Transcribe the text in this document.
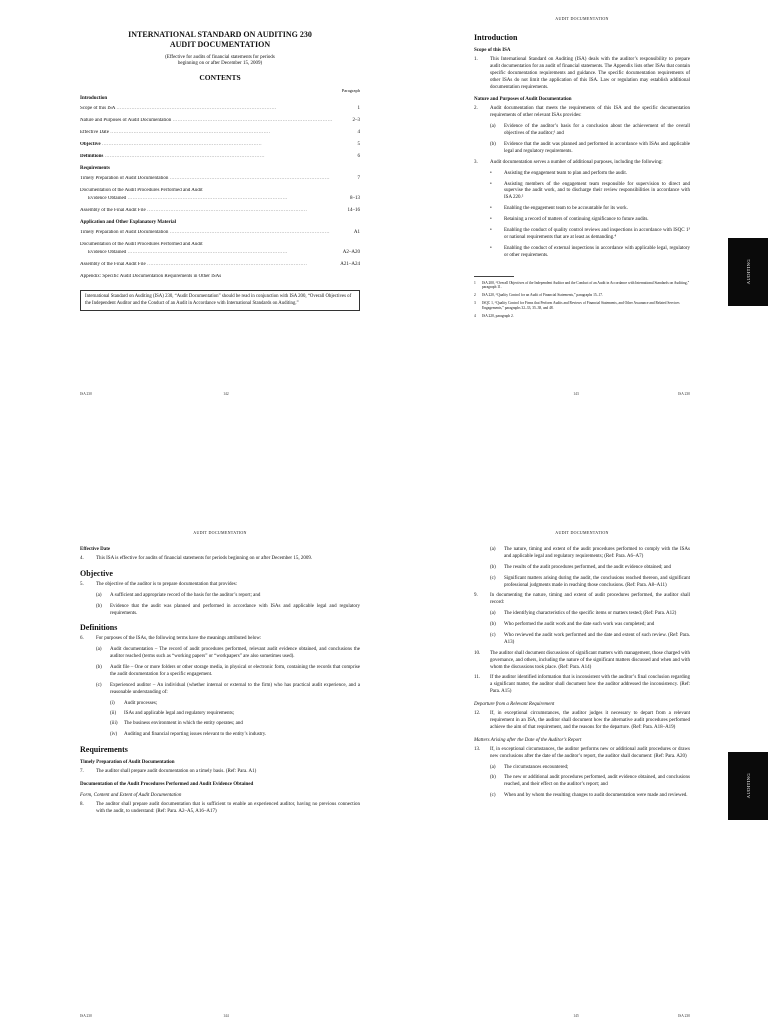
INTERNATIONAL STANDARD ON AUDITING 230

AUDIT DOCUMENTATION

(Effective for audits of financial statements for periods

beginning on or after December 15, 2009)

CONTENTS

Paragraph
Introduction
Scope of this ISA ……………………………………………………………………………………	1
Nature and Purposes of Audit Documentation ……………………………………………………………………………………	2–3
Effective Date ……………………………………………………………………………………	4
Objective ……………………………………………………………………………………	5
Definitions ……………………………………………………………………………………	6
Requirements
Timely Preparation of Audit Documentation ……………………………………………………………………………………	7
Documentation of the Audit Procedures Performed and Audit
Evidence Obtained ……………………………………………………………………………………	8–13
Assembly of the Final Audit File ……………………………………………………………………………………	14–16
Application and Other Explanatory Material
Timely Preparation of Audit Documentation ……………………………………………………………………………………	A1
Documentation of the Audit Procedures Performed and Audit
Evidence Obtained ……………………………………………………………………………………	A2–A20
Assembly of the Final Audit File ……………………………………………………………………………………	A21–A24
Appendix: Specific Audit Documentation Requirements in Other ISAs
International Standard on Auditing (ISA) 230, “Audit Documentation” should be read in conjunction with ISA 200, “Overall Objectives of the Independent Auditor and the Conduct of an Audit in Accordance with International Standards on Auditing.”
ISA 230	142
AUDIT DOCUMENTATION
Introduction
Scope of this ISA
1.	This International Standard on Auditing (ISA) deals with the auditor’s responsibility to prepare audit documentation for an audit of financial statements. The Appendix lists other ISAs that contain specific documentation requirements and guidance. The specific documentation requirements of other ISAs do not limit the application of this ISA. Law or regulation may establish additional documentation requirements.
Nature and Purposes of Audit Documentation
2.	Audit documentation that meets the requirements of this ISA and the specific documentation requirements of other relevant ISAs provides:
(a)	Evidence of the auditor’s basis for a conclusion about the achievement of the overall objectives of the auditor;¹ and
(b)	Evidence that the audit was planned and performed in accordance with ISAs and applicable legal and regulatory requirements.
3.	Audit documentation serves a number of additional purposes, including the following:
•	Assisting the engagement team to plan and perform the audit.
•	Assisting members of the engagement team responsible for supervision to direct and supervise the audit work, and to discharge their review responsibilities in accordance with ISA 220.²
•	Enabling the engagement team to be accountable for its work.
•	Retaining a record of matters of continuing significance to future audits.
•	Enabling the conduct of quality control reviews and inspections in accordance with ISQC 1³ or national requirements that are at least as demanding.⁴
•	Enabling the conduct of external inspections in accordance with applicable legal, regulatory or other requirements.
1	ISA 200, “Overall Objectives of the Independent Auditor and the Conduct of an Audit in Accordance with International Standards on Auditing,” paragraph 11.
2	ISA 220, “Quality Control for an Audit of Financial Statements,” paragraphs 15–17.
3	ISQC 1, “Quality Control for Firms that Perform Audits and Reviews of Financial Statements, and Other Assurance and Related Services Engagements,” paragraphs 32–33, 35–38, and 48.
4	ISA 220, paragraph 2.
143	ISA 230
AUDIT DOCUMENTATION
Effective Date
4.	This ISA is effective for audits of financial statements for periods beginning on or after December 15, 2009.
Objective
5.	The objective of the auditor is to prepare documentation that provides:
(a)	A sufficient and appropriate record of the basis for the auditor’s report; and
(b)	Evidence that the audit was planned and performed in accordance with ISAs and applicable legal and regulatory requirements.
Definitions
6.	For purposes of the ISAs, the following terms have the meanings attributed below:
(a)	Audit documentation – The record of audit procedures performed, relevant audit evidence obtained, and conclusions the auditor reached (terms such as “working papers” or “workpapers” are also sometimes used).
(b)	Audit file – One or more folders or other storage media, in physical or electronic form, containing the records that comprise the audit documentation for a specific engagement.
(c)	Experienced auditor – An individual (whether internal or external to the firm) who has practical audit experience, and a reasonable understanding of:
(i)	Audit processes;
(ii)	ISAs and applicable legal and regulatory requirements;
(iii)	The business environment in which the entity operates; and
(iv)	Auditing and financial reporting issues relevant to the entity’s industry.
Requirements
Timely Preparation of Audit Documentation
7.	The auditor shall prepare audit documentation on a timely basis. (Ref: Para. A1)
Documentation of the Audit Procedures Performed and Audit Evidence Obtained
Form, Content and Extent of Audit Documentation
8.	The auditor shall prepare audit documentation that is sufficient to enable an experienced auditor, having no previous connection with the audit, to understand: (Ref: Para. A2–A5, A16–A17)
ISA 230	144
AUDIT DOCUMENTATION
(a)	The nature, timing and extent of the audit procedures performed to comply with the ISAs and applicable legal and regulatory requirements; (Ref: Para. A6–A7)
(b)	The results of the audit procedures performed, and the audit evidence obtained; and
(c)	Significant matters arising during the audit, the conclusions reached thereon, and significant professional judgments made in reaching those conclusions. (Ref: Para. A8–A11)
9.	In documenting the nature, timing and extent of audit procedures performed, the auditor shall record:
(a)	The identifying characteristics of the specific items or matters tested; (Ref: Para. A12)
(b)	Who performed the audit work and the date such work was completed; and
(c)	Who reviewed the audit work performed and the date and extent of such review. (Ref: Para. A13)
10.	The auditor shall document discussions of significant matters with management, those charged with governance, and others, including the nature of the significant matters discussed and when and with whom the discussions took place. (Ref: Para. A14)
11.	If the auditor identified information that is inconsistent with the auditor’s final conclusion regarding a significant matter, the auditor shall document how the auditor addressed the inconsistency. (Ref: Para. A15)
Departure from a Relevant Requirement
12.	If, in exceptional circumstances, the auditor judges it necessary to depart from a relevant requirement in an ISA, the auditor shall document how the alternative audit procedures performed achieve the aim of that requirement, and the reasons for the departure. (Ref: Para. A18–A19)
Matters Arising after the Date of the Auditor’s Report
13.	If, in exceptional circumstances, the auditor performs new or additional audit procedures or draws new conclusions after the date of the auditor’s report, the auditor shall document: (Ref: Para. A20)
(a)	The circumstances encountered;
(b)	The new or additional audit procedures performed, audit evidence obtained, and conclusions reached, and their effect on the auditor’s report; and
(c)	When and by whom the resulting changes to audit documentation were made and reviewed.
145	ISA 230
AUDITING
AUDITING
